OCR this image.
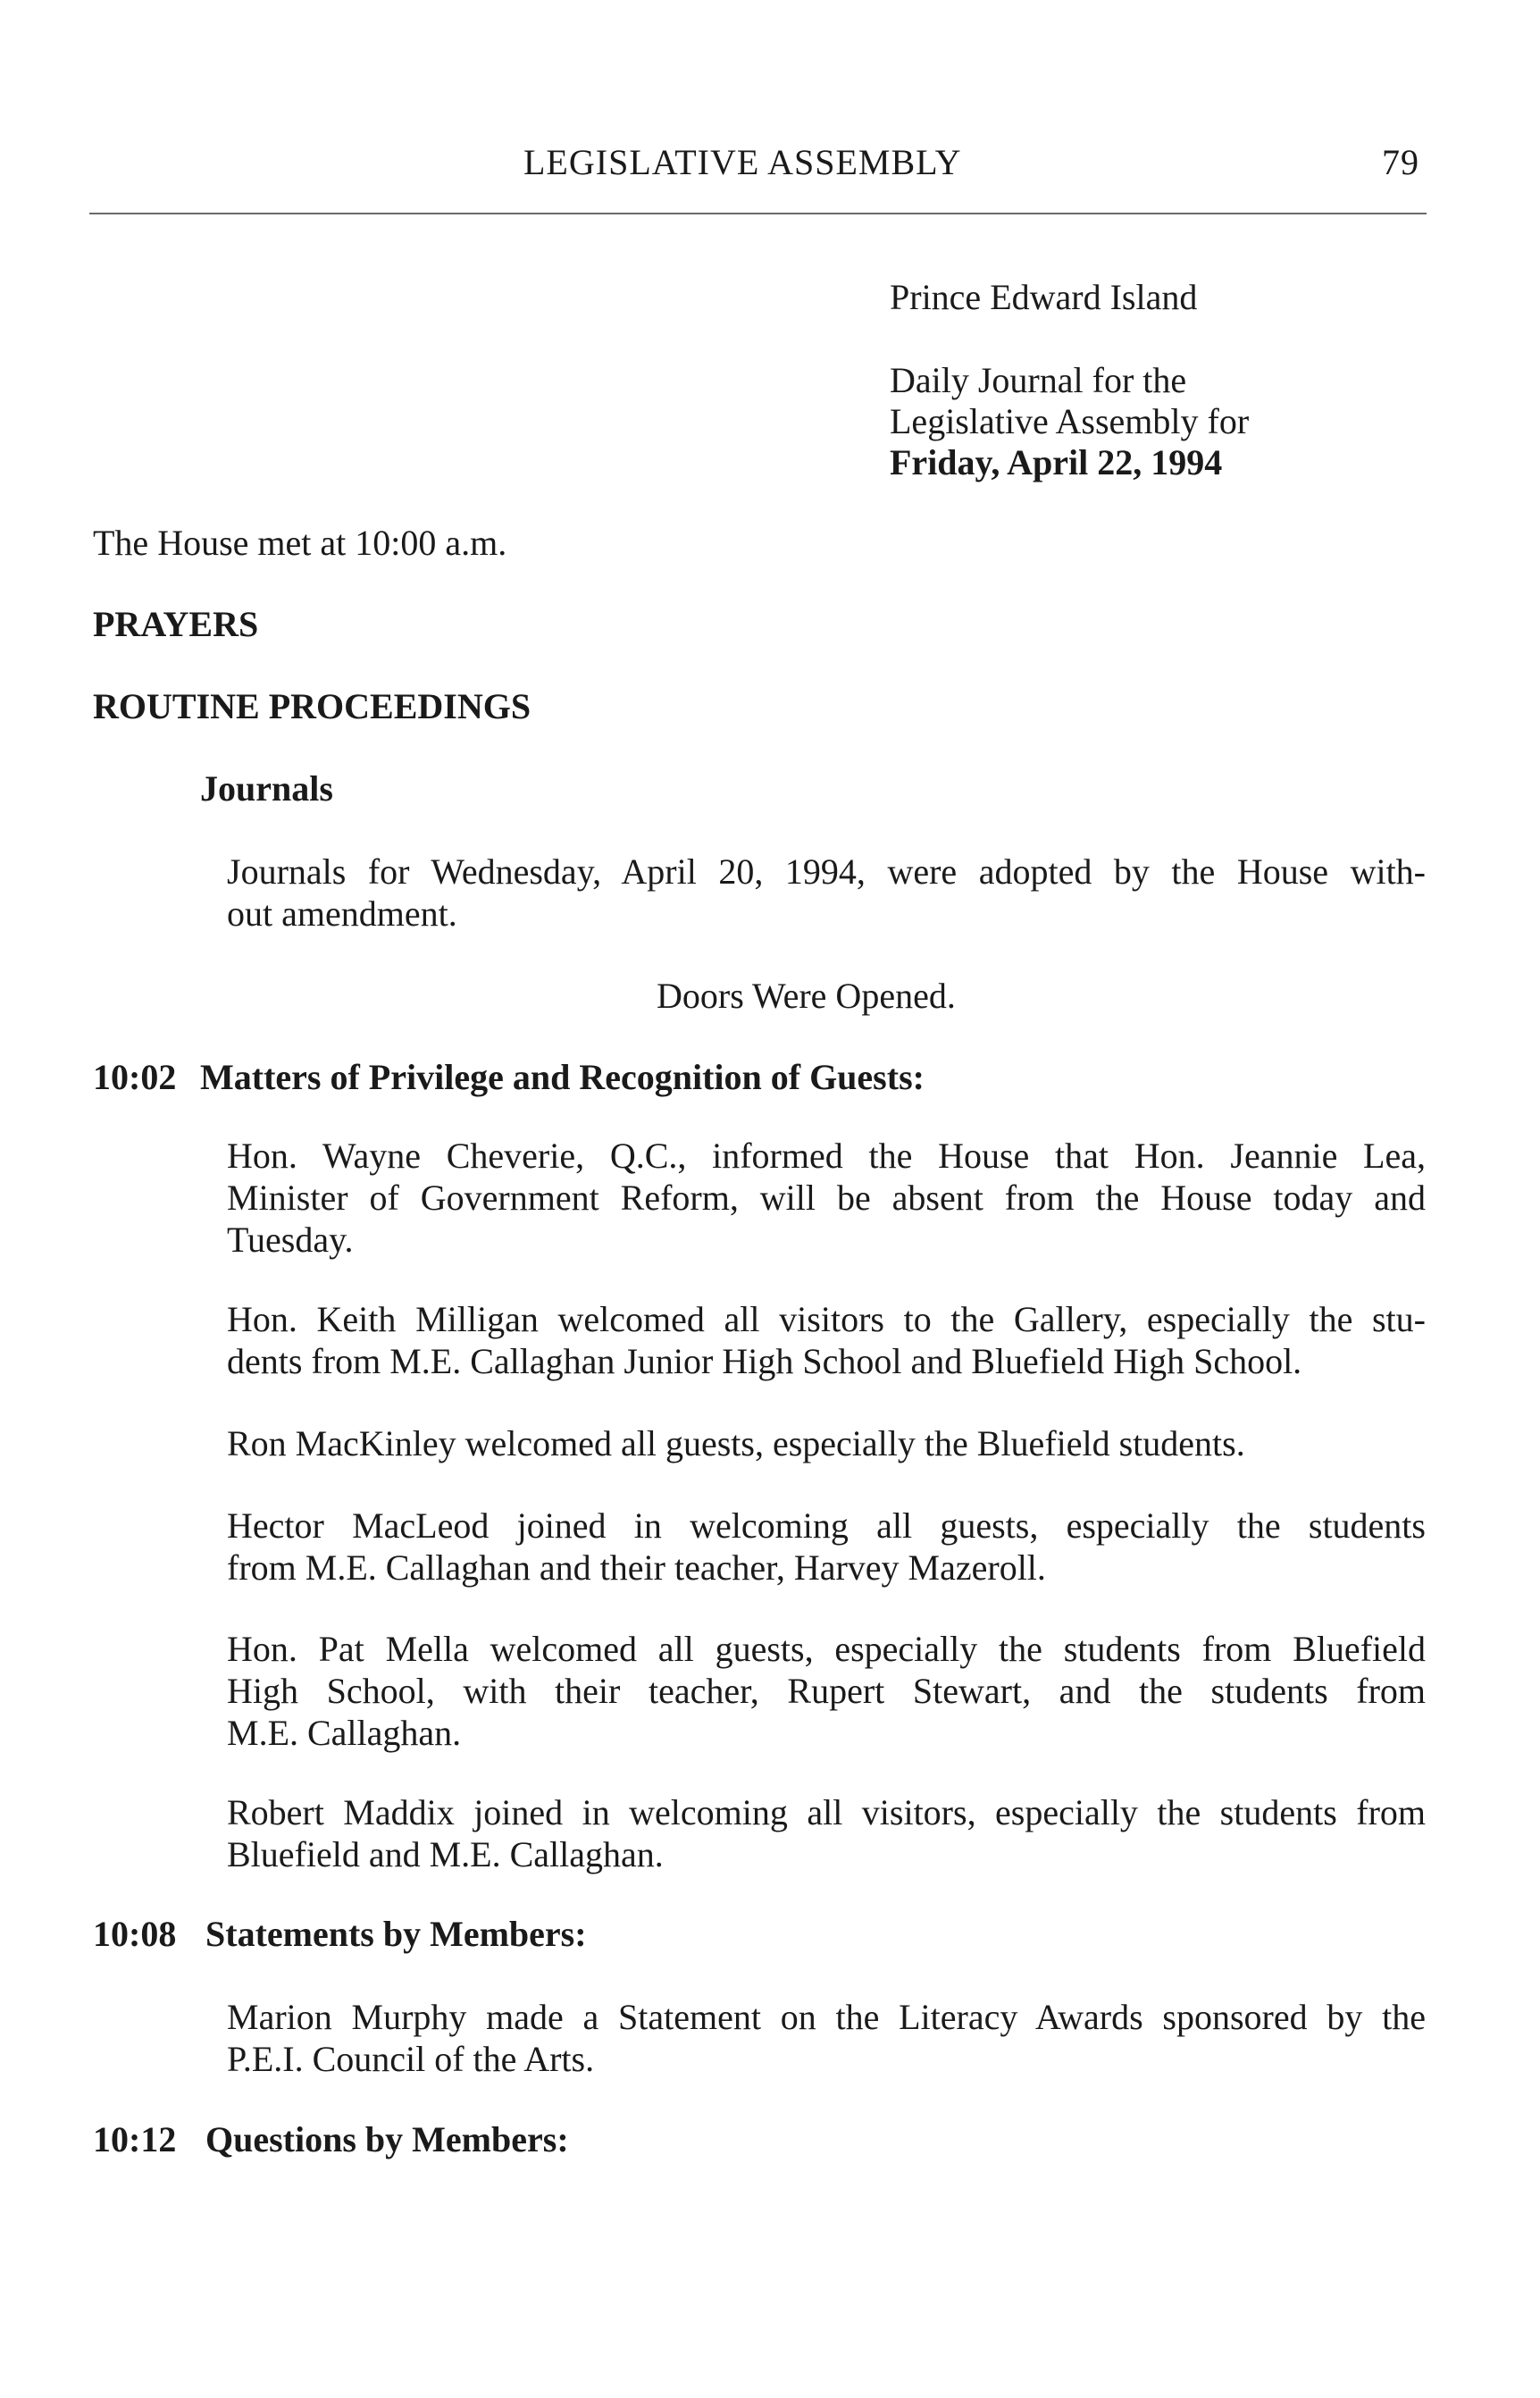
LEGISLATIVE ASSEMBLY	79
Prince Edward Island
Daily Journal for the
Legislative Assembly for
Friday, April 22, 1994
The House met at 10:00 a.m.
PRAYERS
ROUTINE PROCEEDINGS
Journals
Journals for Wednesday, April 20, 1994, were adopted by the House with-
out amendment.
Doors Were Opened.
10:02 Matters of Privilege and Recognition of Guests:
Hon. Wayne Cheverie, Q.C., informed the House that Hon. Jeannie Lea,
Minister of Government Reform, will be absent from the House today and
Tuesday.
Hon. Keith Milligan welcomed all visitors to the Gallery, especially the stu-
dents from M.E. Callaghan Junior High School and Bluefield High School.
Ron MacKinley welcomed all guests, especially the Bluefield students.
Hector MacLeod joined in welcoming all guests, especially the students
from M.E. Callaghan and their teacher, Harvey Mazeroll.
Hon. Pat Mella welcomed all guests, especially the students from Bluefield
High School, with their teacher, Rupert Stewart, and the students from
M.E. Callaghan.
Robert Maddix joined in welcoming all visitors, especially the students from
Bluefield and M.E. Callaghan.
10:08 Statements by Members:
Marion Murphy made a Statement on the Literacy Awards sponsored by the
P.E.I. Council of the Arts.
10:12 Questions by Members:
